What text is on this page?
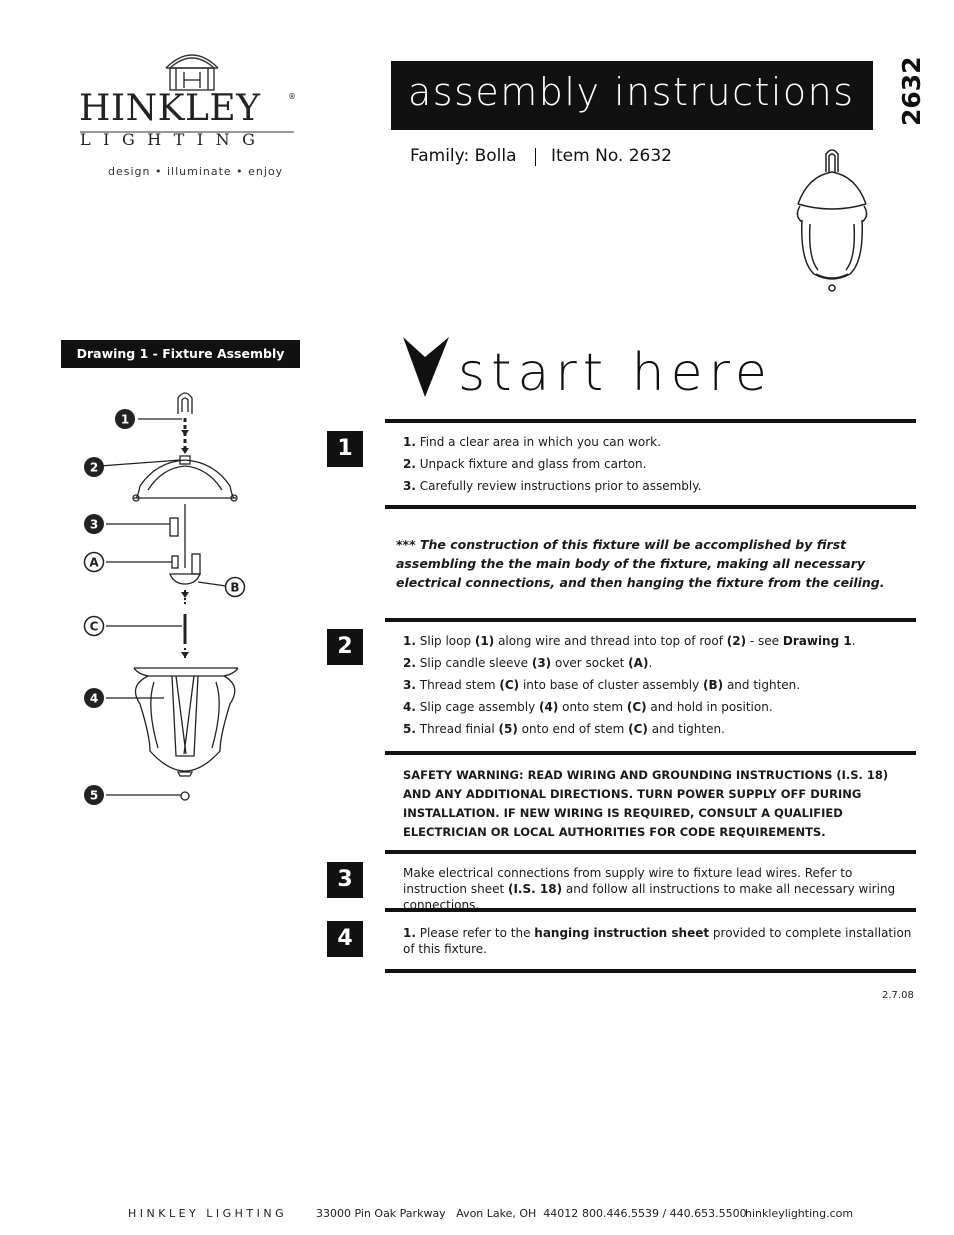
HINKLEY	®
LIGHTING
design • illuminate • enjoy
assembly instructions 2632
Family: Bolla Item No. 2632
Drawing 1 - Fixture Assembly
1
2
3
A
B
C
4
5
start here
1	1. Find a clear area in which you can work.
2. Unpack fixture and glass from carton.
3. Carefully review instructions prior to assembly.
*** The construction of this fixture will be accomplished by first assembling the the main body of the fixture, making all necessary electrical connections, and then hanging the fixture from the ceiling.
2	1. Slip loop (1) along wire and thread into top of roof (2) - see Drawing 1.
2. Slip candle sleeve (3) over socket (A).
3. Thread stem (C) into base of cluster assembly (B) and tighten.
4. Slip cage assembly (4) onto stem (C) and hold in position.
5. Thread finial (5) onto end of stem (C) and tighten.
SAFETY WARNING: READ WIRING AND GROUNDING INSTRUCTIONS (I.S. 18) AND ANY ADDITIONAL DIRECTIONS. TURN POWER SUPPLY OFF DURING INSTALLATION. IF NEW WIRING IS REQUIRED, CONSULT A QUALIFIED ELECTRICIAN OR LOCAL AUTHORITIES FOR CODE REQUIREMENTS.
3	Make electrical connections from supply wire to fixture lead wires. Refer to instruction sheet (I.S. 18) and follow all instructions to make all necessary wiring connections.
4	1. Please refer to the hanging instruction sheet provided to complete installation of this fixture.
2.7.08
HINKLEY LIGHTING	33000 Pin Oak Parkway   Avon Lake, OH  44012 800.446.5539 / 440.653.5500
hinkleylighting.com
